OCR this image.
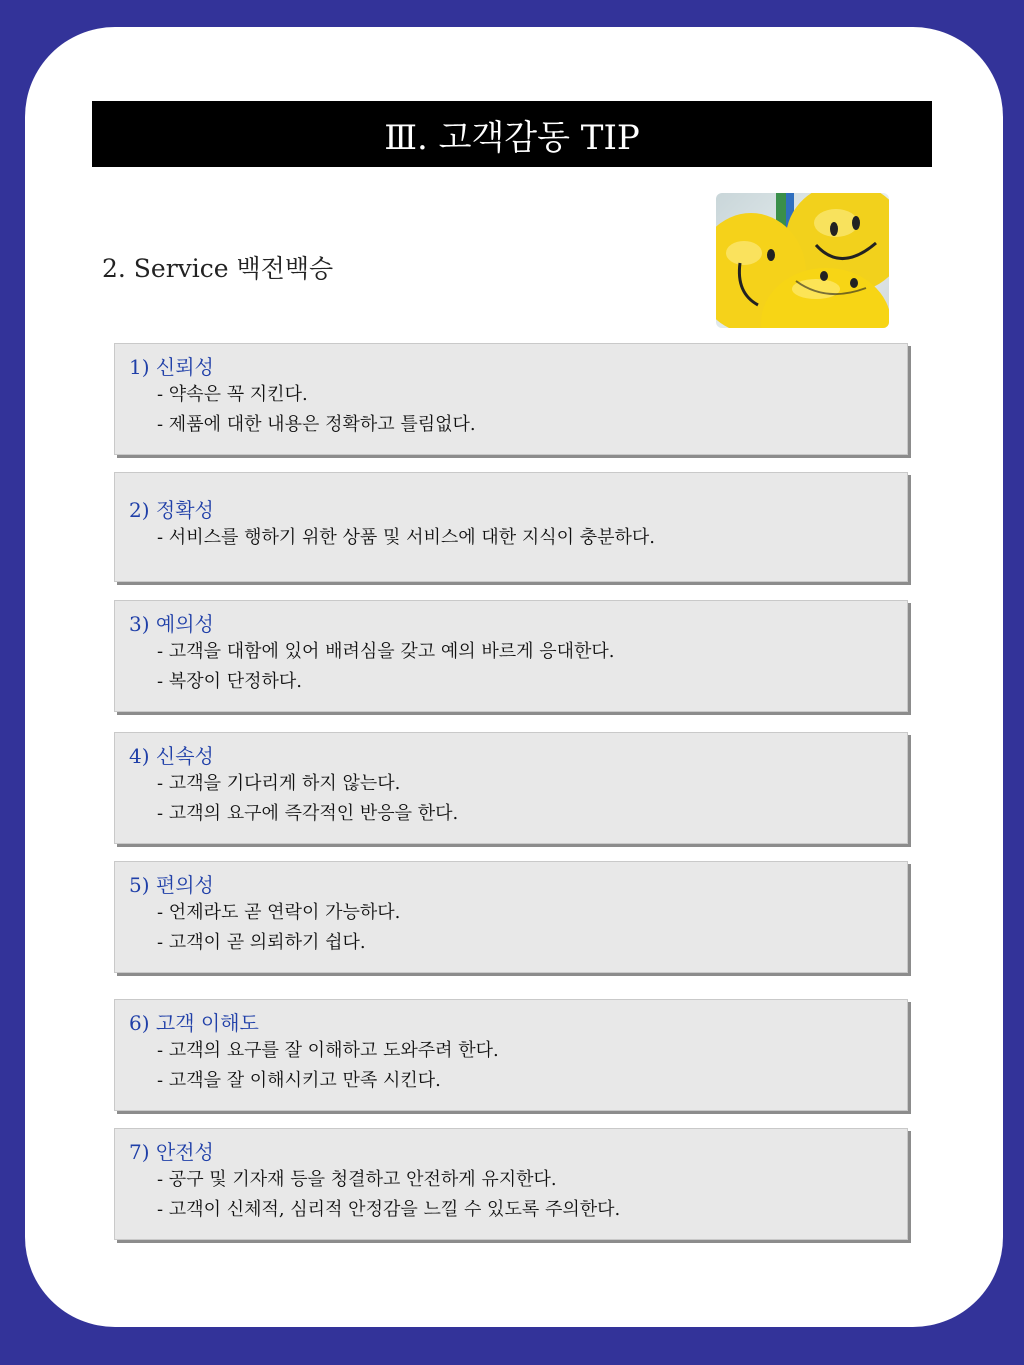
Ⅲ. 고객감동 TIP
2. Service 백전백승
1) 신뢰성
- 약속은 꼭 지킨다.
- 제품에 대한 내용은 정확하고 틀림없다.
2) 정확성
- 서비스를 행하기 위한 상품 및 서비스에 대한 지식이 충분하다.
3) 예의성
- 고객을 대함에 있어 배려심을 갖고 예의 바르게 응대한다.
- 복장이 단정하다.
4) 신속성
- 고객을 기다리게 하지 않는다.
- 고객의 요구에 즉각적인 반응을 한다.
5) 편의성
- 언제라도 곧 연락이 가능하다.
- 고객이 곧 의뢰하기 쉽다.
6) 고객 이해도
- 고객의 요구를 잘 이해하고 도와주려 한다.
- 고객을 잘 이해시키고 만족 시킨다.
7) 안전성
- 공구 및 기자재 등을 청결하고 안전하게 유지한다.
- 고객이 신체적, 심리적 안정감을 느낄 수 있도록 주의한다.
